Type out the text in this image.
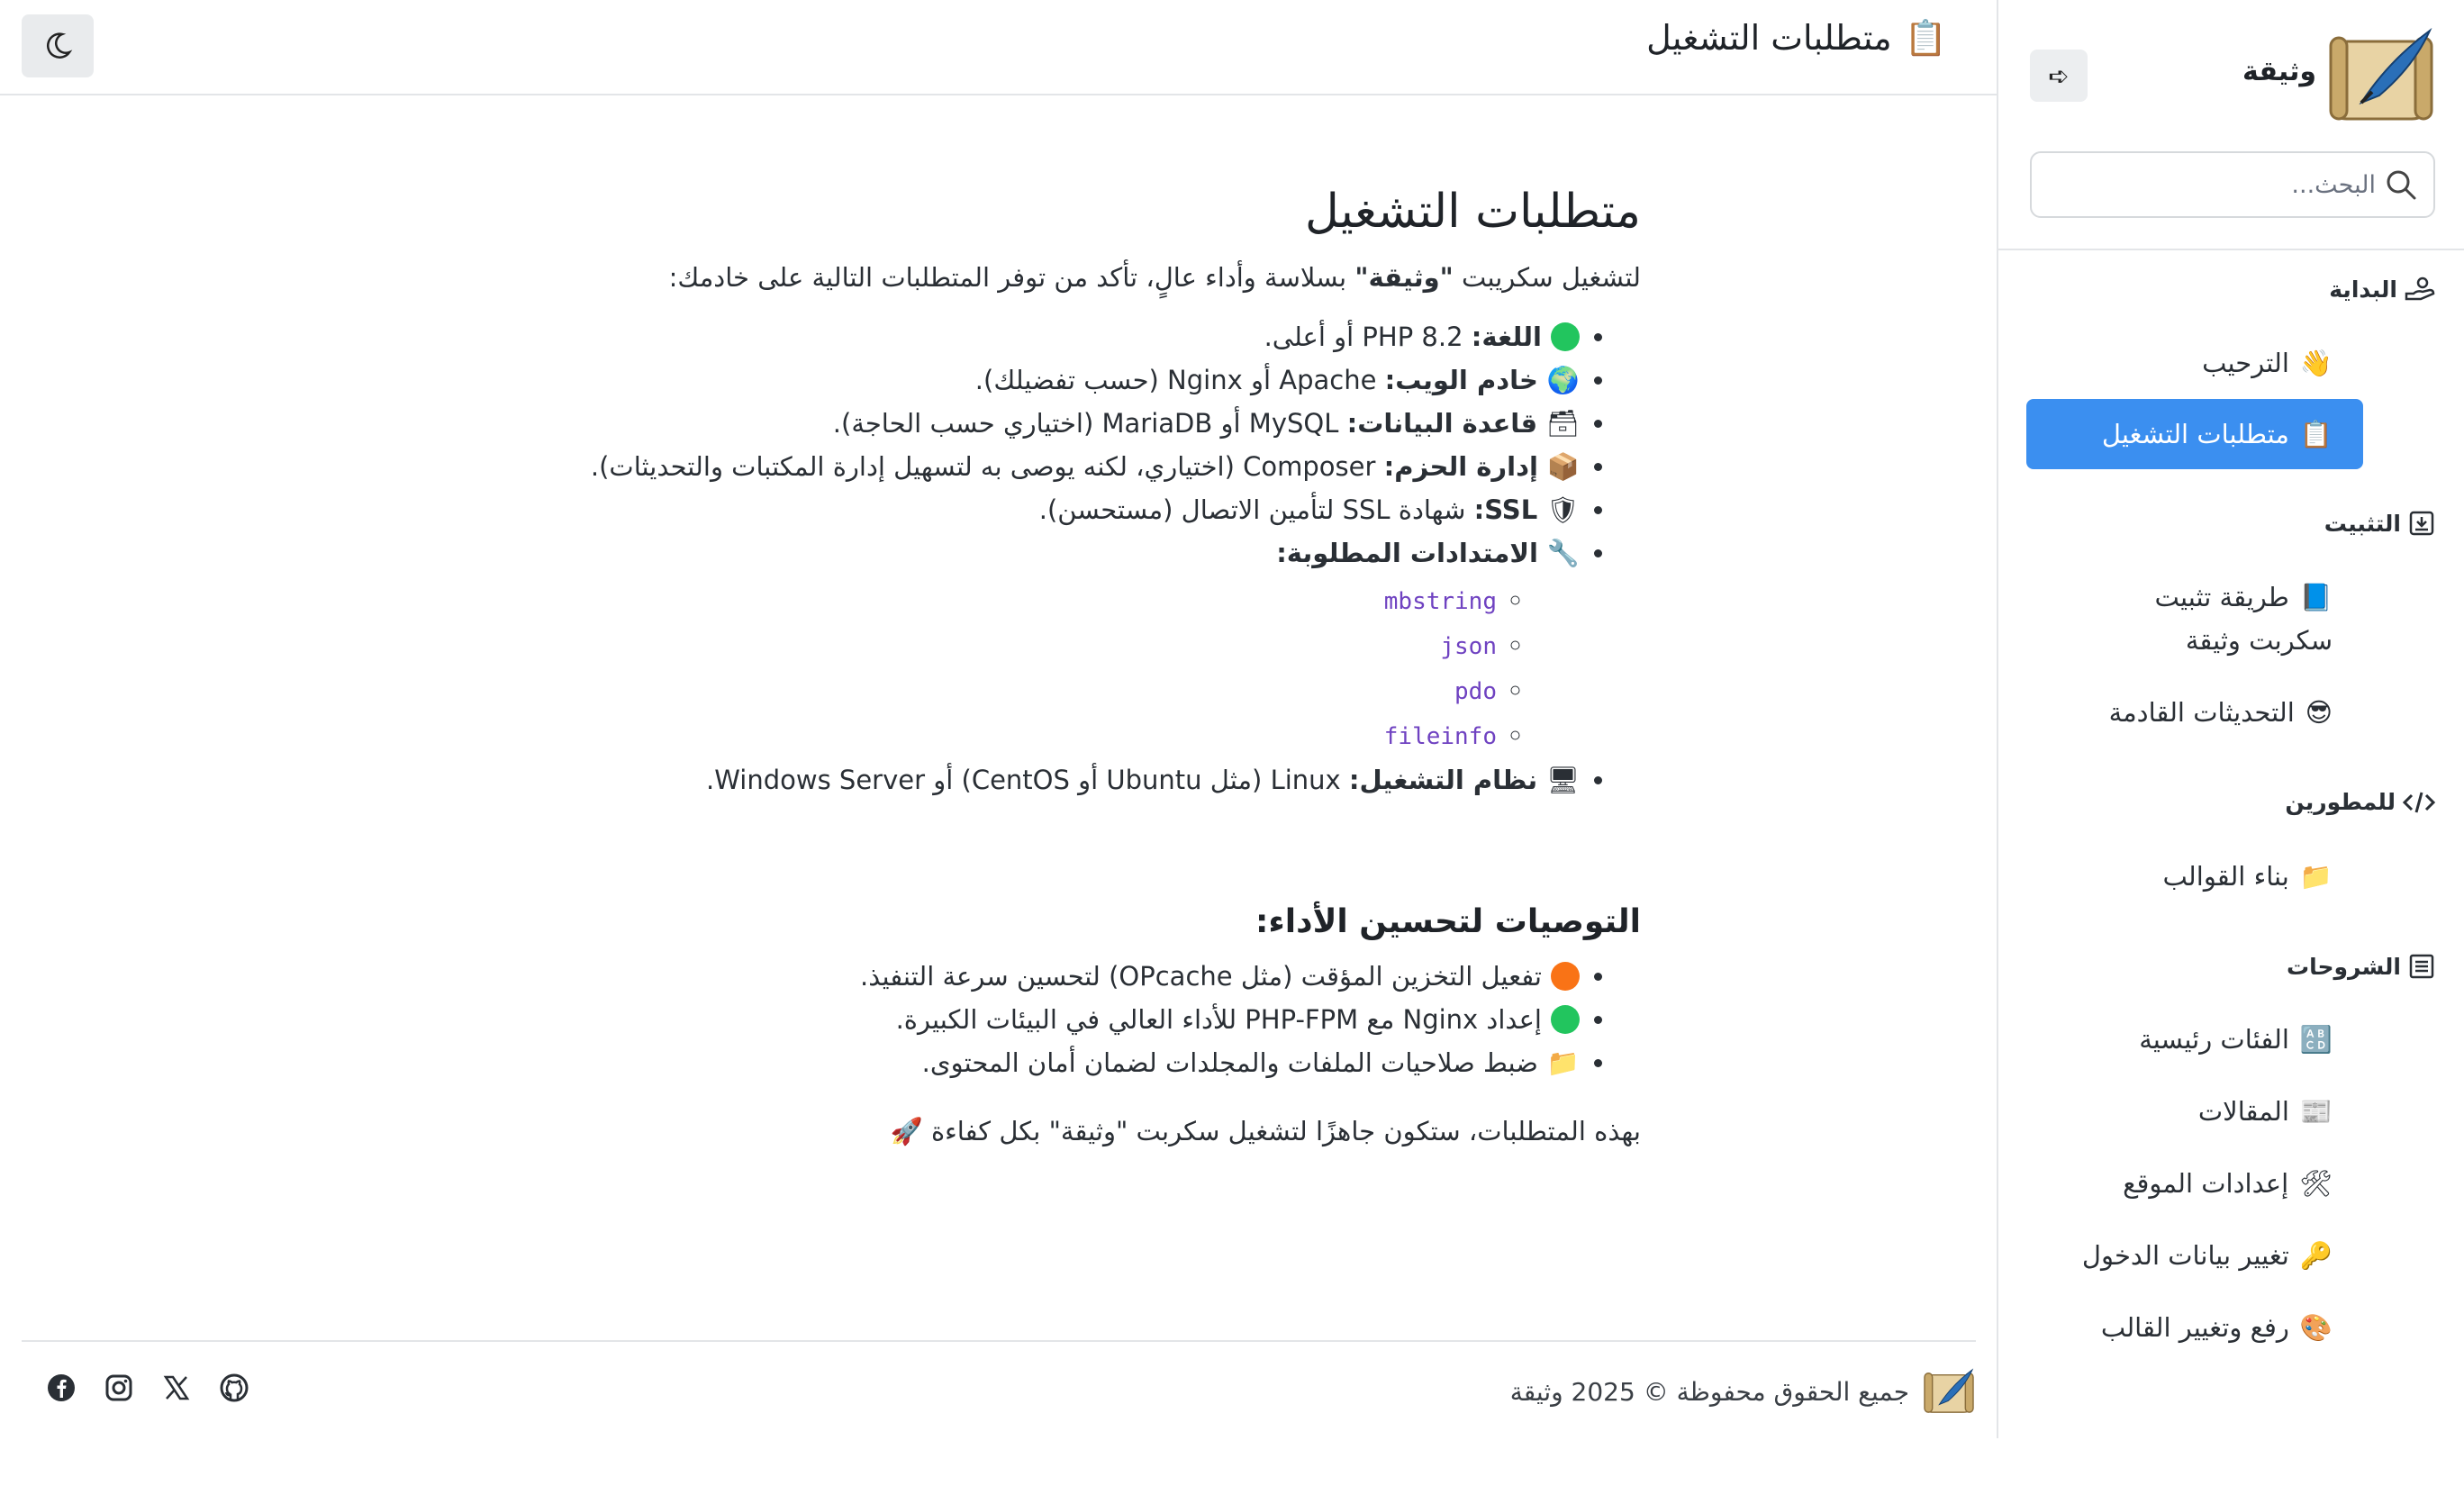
وثيقة
➪
البحث...
البداية
👋الترحيب
📋
متطلبات التشغيل
التثبيت
📘طريقة تثبيت
سكربت وثيقة
😎التحديثات القادمة
للمطورين
📁بناء القوالب
الشروحات
🔠الفئات رئيسية
📰المقالات
🛠إعدادات الموقع
🔑تغيير بيانات الدخول
🎨رفع وتغيير القالب
📋متطلبات التشغيل
متطلبات التشغيل

لتشغيل سكريبت "وثيقة" بسلاسة وأداء عالٍ، تأكد من توفر المتطلبات التالية على خادمك:

• اللغة: PHP 8.2 أو أعلى.
• 🌍خادم الويب: Apache أو Nginx (حسب تفضيلك).
• 🗃قاعدة البيانات: MySQL أو MariaDB (اختياري حسب الحاجة).
• 📦إدارة الحزم: Composer (اختياري، لكنه يوصى به لتسهيل إدارة المكتبات والتحديثات).
• 🛡SSL: شهادة SSL لتأمين الاتصال (مستحسن).
• 🔧الامتدادات المطلوبة:
◦ mbstring
◦ json
◦ pdo
◦ fileinfo
• 🖥نظام التشغيل: Linux (مثل Ubuntu أو CentOS) أو Windows Server.
التوصيات لتحسين الأداء:
• تفعيل التخزين المؤقت (مثل OPcache) لتحسين سرعة التنفيذ.
• إعداد Nginx مع PHP-FPM للأداء العالي في البيئات الكبيرة.
• 📁ضبط صلاحيات الملفات والمجلدات لضمان أمان المحتوى.

بهذه المتطلبات، ستكون جاهزًا لتشغيل سكربت "وثيقة" بكل كفاءة 🚀

جميع الحقوق محفوظة © 2025 وثيقة
